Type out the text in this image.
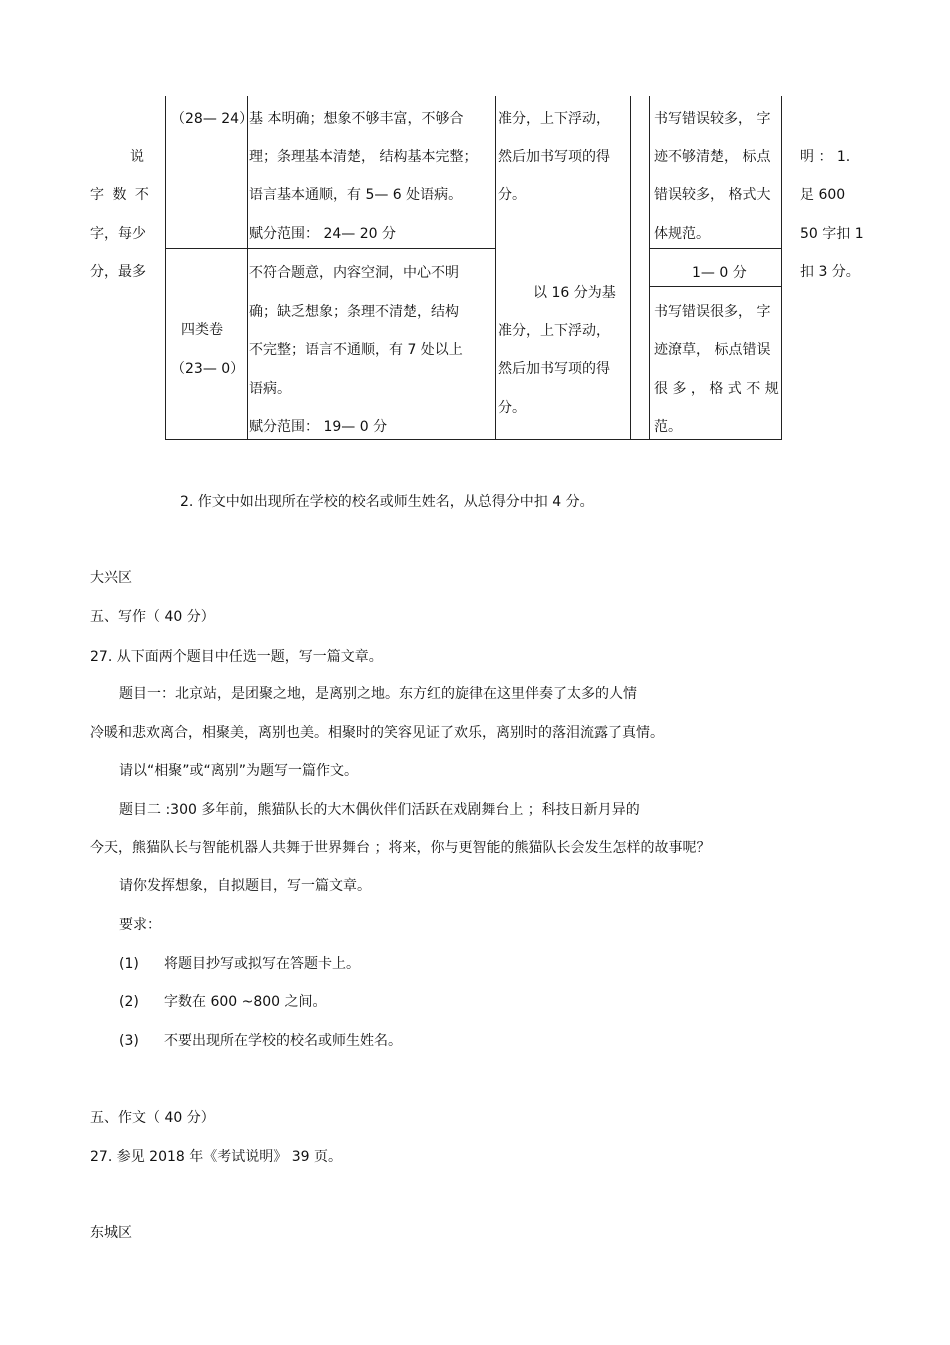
说
字 数 不
字，每少
分，最多
明 ： 1.
足 600
50 字扣 1
扣 3 分。
（28— 24）
基 本明确；想象不够丰富，不够合
理；条理基本清楚， 结构基本完整；
语言基本通顺，有 5— 6 处语病。
赋分范围： 24— 20 分
准分，上下浮动，
然后加书写项的得
分。
书写错误较多， 字
迹不够清楚， 标点
错误较多， 格式大
体规范。
四类卷
（23— 0）
不符合题意，内容空洞，中心不明
确；缺乏想象；条理不清楚，结构
不完整；语言不通顺，有 7 处以上
语病。
赋分范围： 19— 0 分
以 16 分为基
准分，上下浮动，
然后加书写项的得
分。
1— 0 分
书写错误很多， 字
迹潦草， 标点错误
很 多 ， 格 式 不 规
范。
2. 作文中如出现所在学校的校名或师生姓名，从总得分中扣 4 分。
大兴区
五、写作（ 40 分）
27. 从下面两个题目中任选一题，写一篇文章。
题目一：北京站，是团聚之地，是离别之地。东方红的旋律在这里伴奏了太多的人情
冷暖和悲欢离合，相聚美，离别也美。相聚时的笑容见证了欢乐，离别时的落泪流露了真情。
请以“相聚”或“离别”为题写一篇作文。
题目二 :300 多年前，熊猫队长的大木偶伙伴们活跃在戏剧舞台上 ；科技日新月异的
今天，熊猫队长与智能机器人共舞于世界舞台 ；将来，你与更智能的熊猫队长会发生怎样的故事呢？
请你发挥想象，自拟题目，写一篇文章。
要求：
(1) 将题目抄写或拟写在答题卡上。
(2) 字数在 600 ~800 之间。
(3) 不要出现所在学校的校名或师生姓名。
五、作文（ 40 分）
27. 参见 2018 年《考试说明》 39 页。
东城区
